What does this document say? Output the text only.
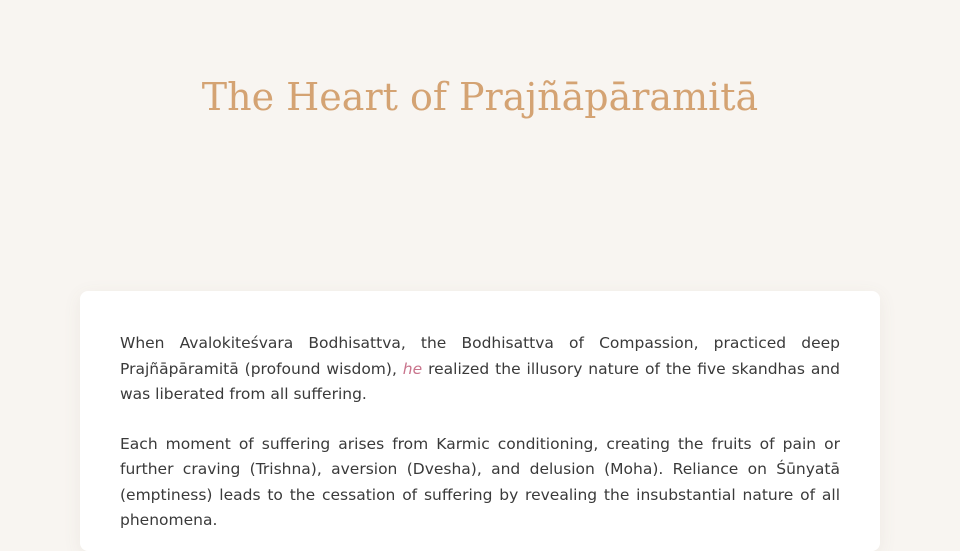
The Heart of Prajñāpāramitā

When Avalokiteśvara Bodhisattva, the Bodhisattva of Compassion, practiced deep Prajñāpāramitā (profound wisdom), he realized the illusory nature of the five skandhas and was liberated from all suffering.

Each moment of suffering arises from Karmic conditioning, creating the fruits of pain or further craving (Trishna), aversion (Dvesha), and delusion (Moha). Reliance on Śūnyatā (emptiness) leads to the cessation of suffering by revealing the insubstantial nature of all phenomena.
